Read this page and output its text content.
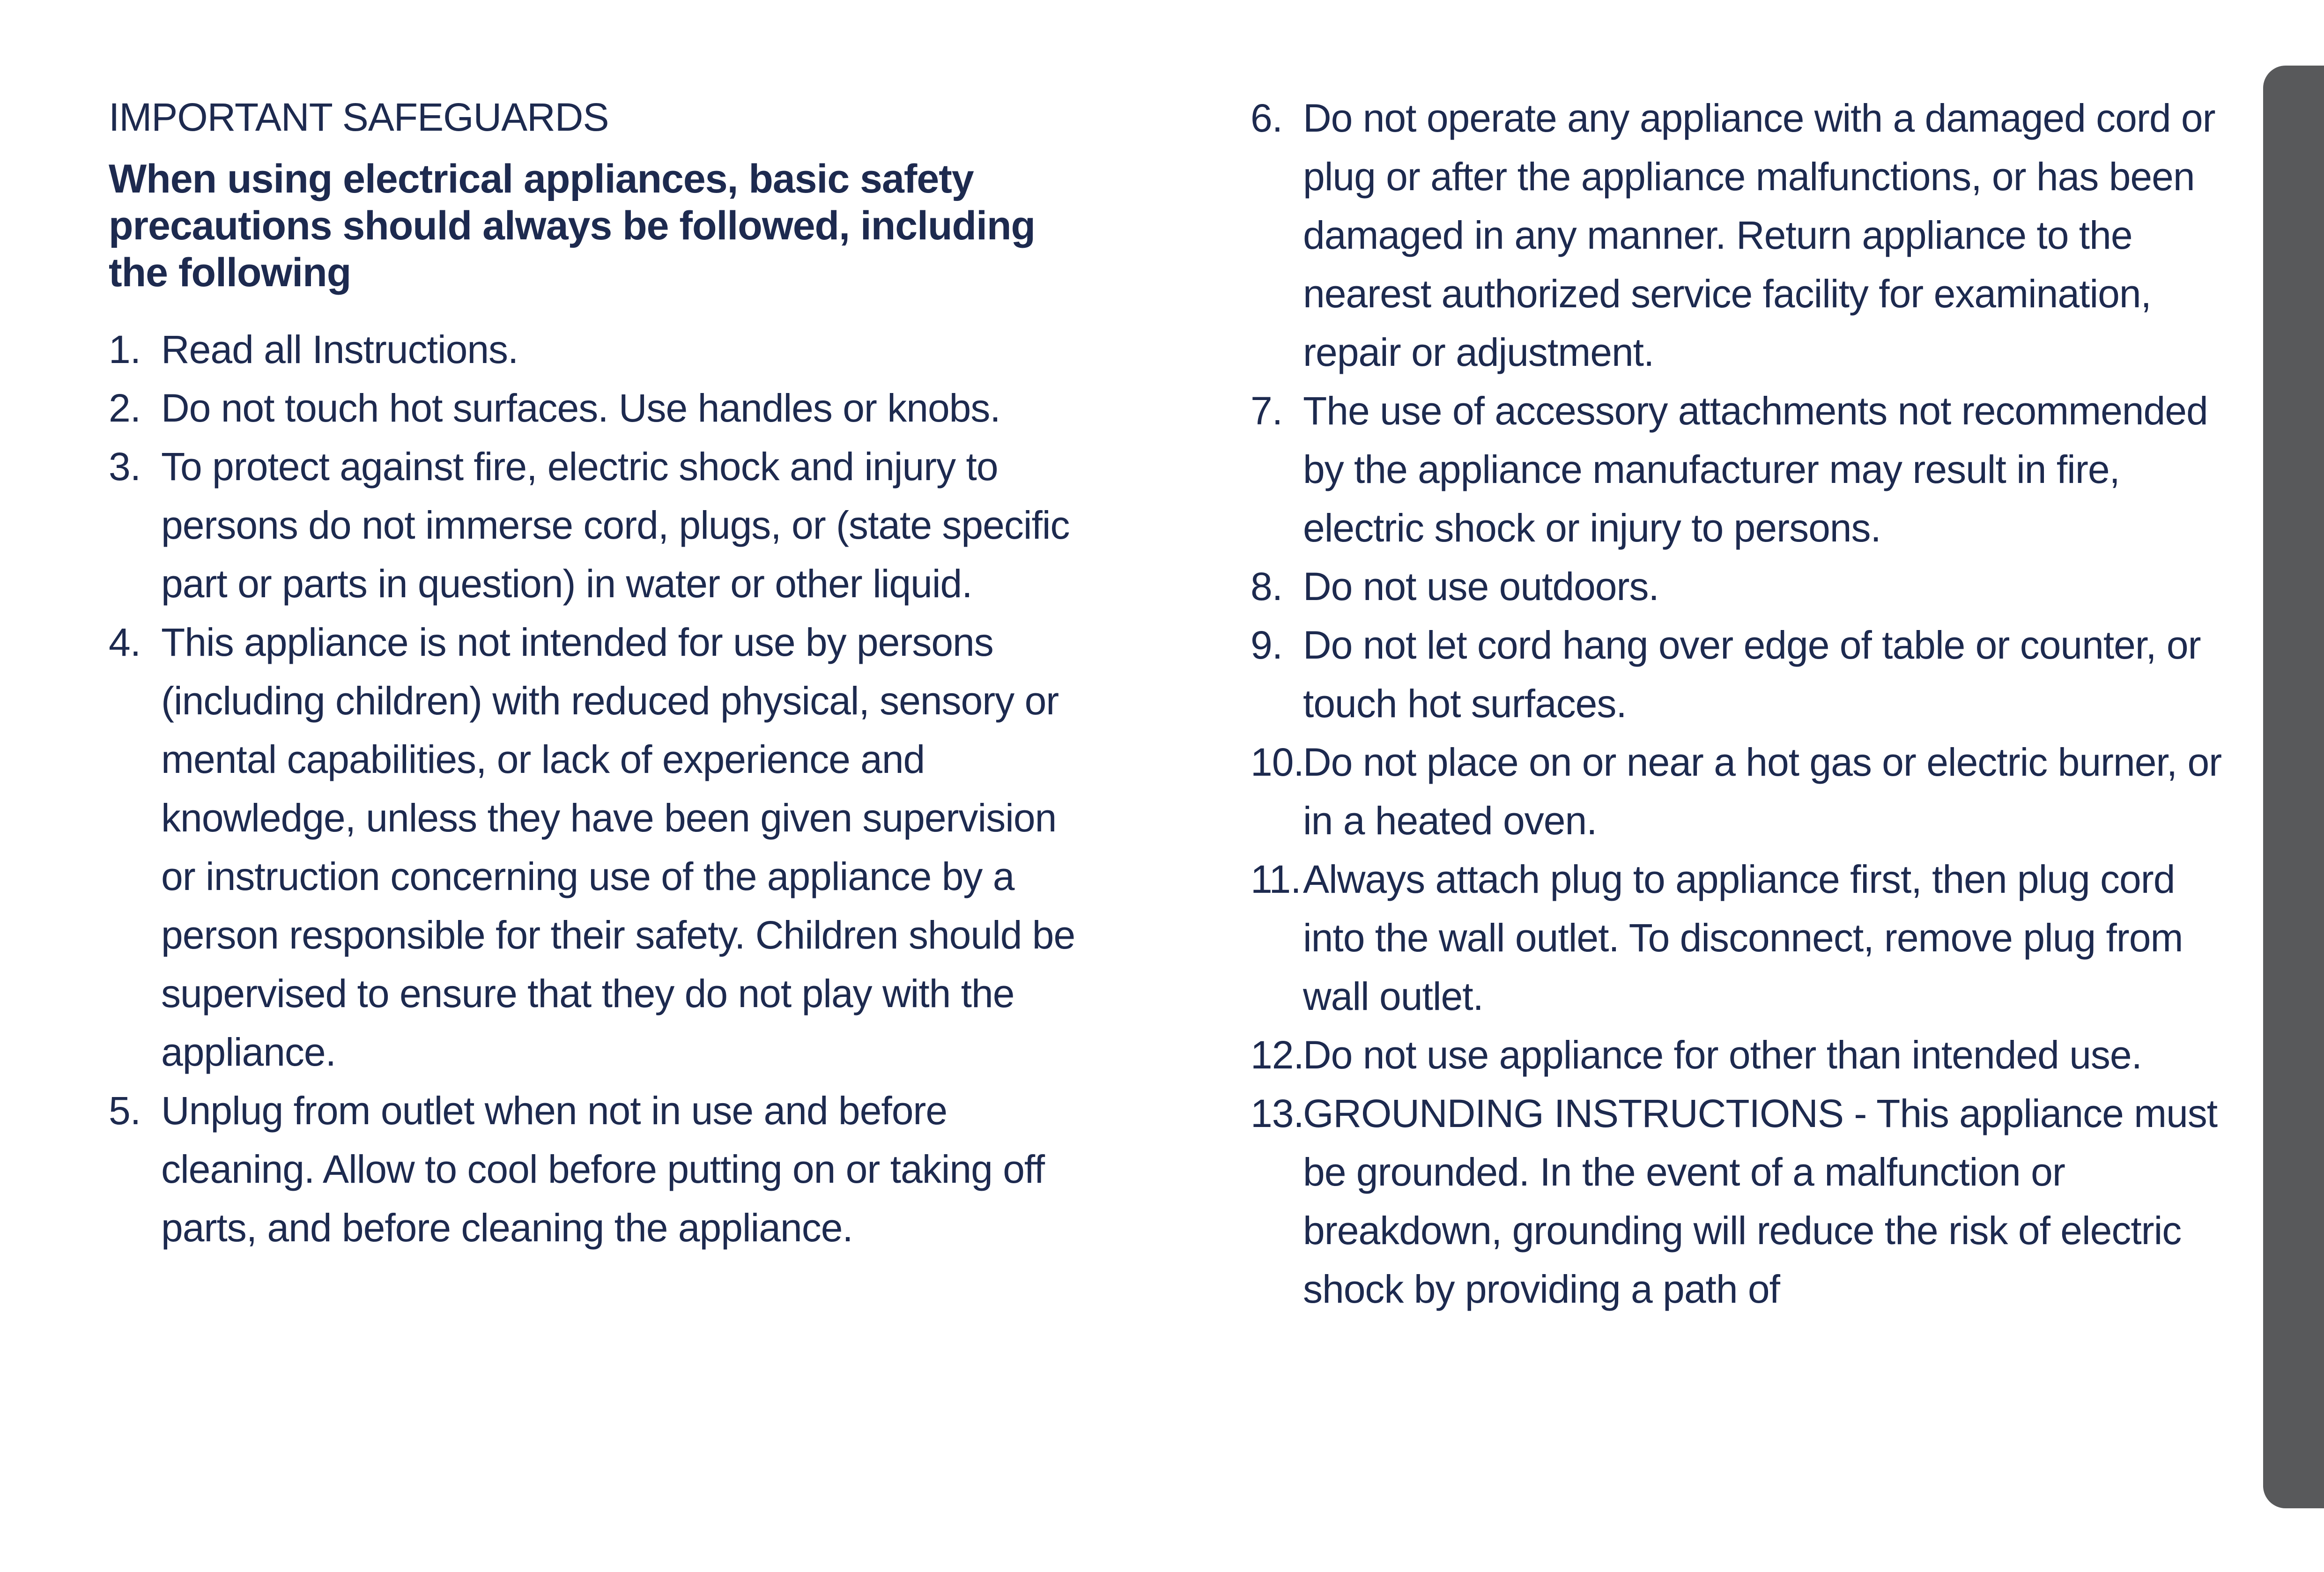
IMPORTANT SAFEGUARDS

When using electrical appliances, basic safety precautions should always be followed, including the following

1. Read all Instructions.
2. Do not touch hot surfaces. Use handles or knobs.
3. To protect against fire, electric shock and injury to persons do not immerse cord, plugs, or (state specific part or parts in question) in water or other liquid.
4. This appliance is not intended for use by persons (including children) with reduced physical, sensory or mental capabilities, or lack of experience and knowledge, unless they have been given supervision or instruction concerning use of the appliance by a person responsible for their safety. Children should be supervised to ensure that they do not play with the appliance.
5. Unplug from outlet when not in use and before cleaning. Allow to cool before putting on or taking off parts, and before cleaning the appliance.
6. Do not operate any appliance with a damaged cord or plug or after the appliance malfunctions, or has been damaged in any manner. Return appliance to the nearest authorized service facility for examination, repair or adjustment.
7. The use of accessory attachments not recommended by the appliance manufacturer may result in fire, electric shock or injury to persons.
8. Do not use outdoors.
9. Do not let cord hang over edge of table or counter, or touch hot surfaces.
10.
Do not place on or near a hot gas or electric burner, or in a heated oven.
11. Always attach plug to appliance first, then plug cord into the wall outlet. To disconnect, remove plug from wall outlet.
12.
Do not use appliance for other than intended use.
13.
GROUNDING INSTRUCTIONS - This appliance must be grounded. In the event of a malfunction or breakdown, grounding will reduce the risk of electric shock by providing a path of
